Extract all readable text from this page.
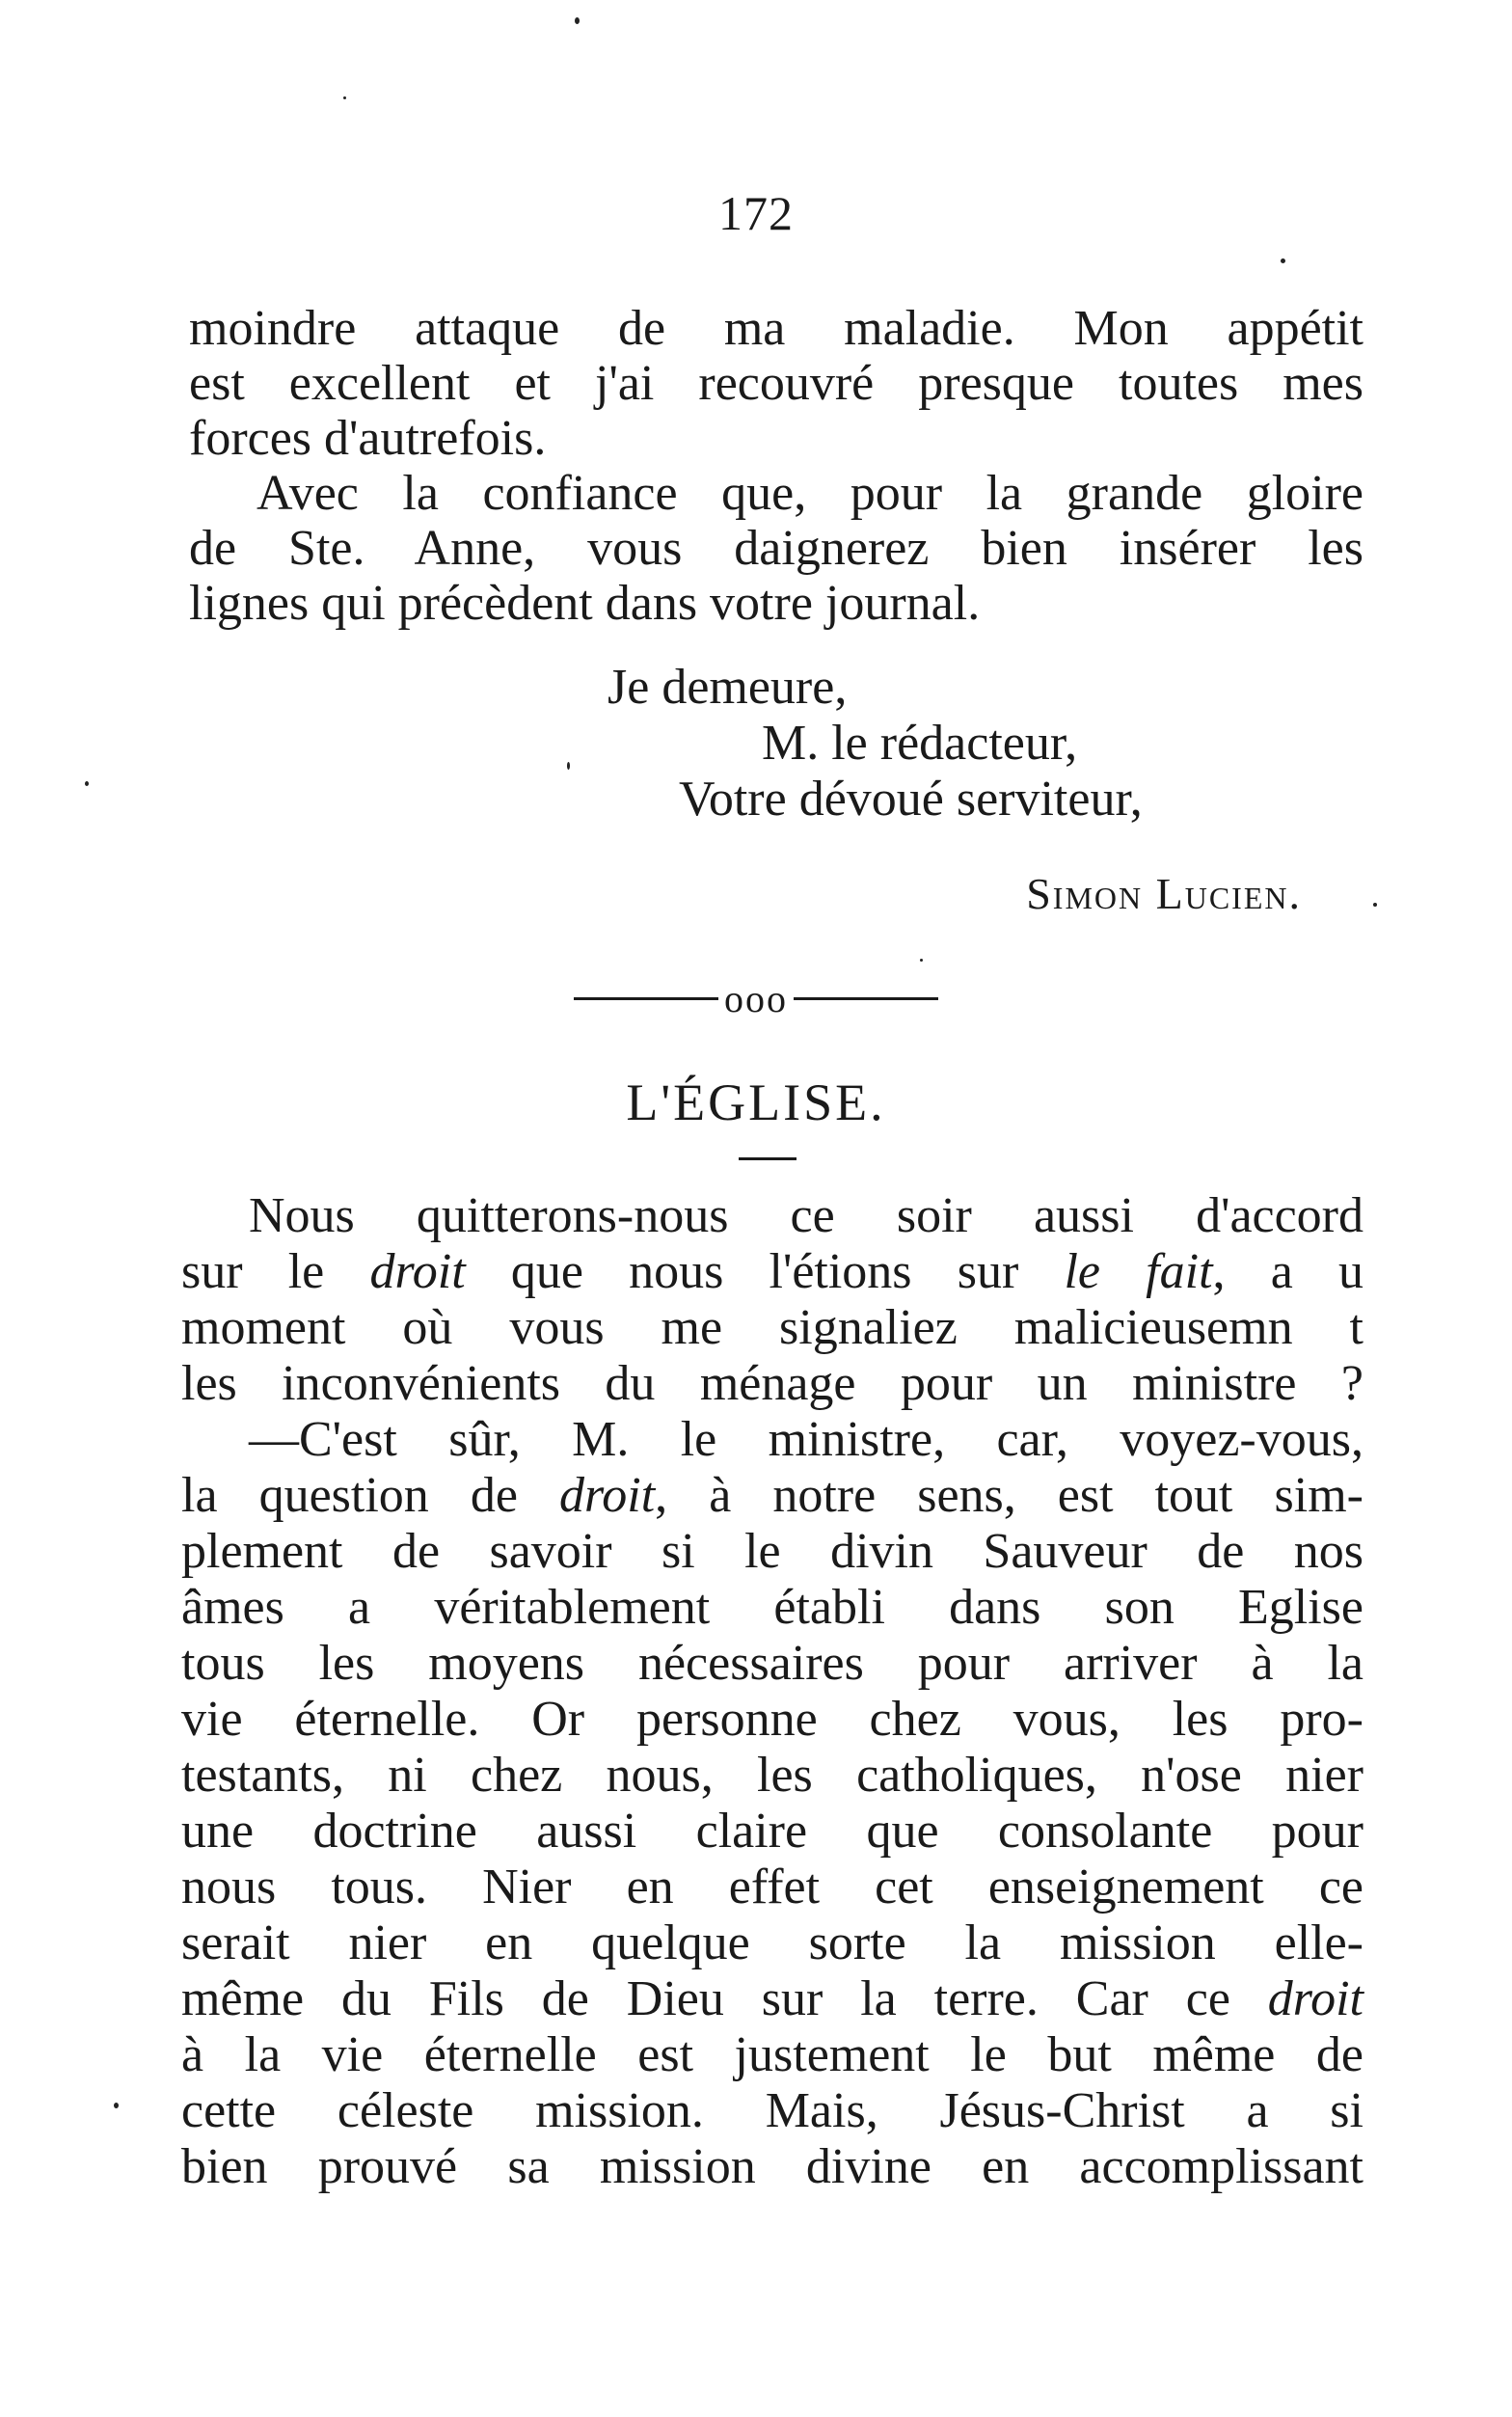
172
moindre attaque de ma maladie. Mon appétit
est excellent et j'ai recouvré presque toutes mes
forces d'autrefois.
Avec la confiance que, pour la grande gloire
de Ste. Anne, vous daignerez bien insérer les
lignes qui précèdent dans votre journal.
Je demeure,
M. le rédacteur,
Votre dévoué serviteur,
Simon Lucien.
ooo
L'ÉGLISE.
Nous quitterons-nous ce soir aussi d'accord
sur le droit que nous l'étions sur le fait, a u
moment où vous me signaliez malicieusemn t
les inconvénients du ménage pour un ministre ?
—C'est sûr, M. le ministre, car, voyez-vous,
la question de droit, à notre sens, est tout sim-
plement de savoir si le divin Sauveur de nos
âmes a véritablement établi dans son Eglise
tous les moyens nécessaires pour arriver à la
vie éternelle. Or personne chez vous, les pro-
testants, ni chez nous, les catholiques, n'ose nier
une doctrine aussi claire que consolante pour
nous tous. Nier en effet cet enseignement ce
serait nier en quelque sorte la mission elle-
même du Fils de Dieu sur la terre. Car ce droit
à la vie éternelle est justement le but même de
cette céleste mission. Mais, Jésus-Christ a si
bien prouvé sa mission divine en accomplissant
